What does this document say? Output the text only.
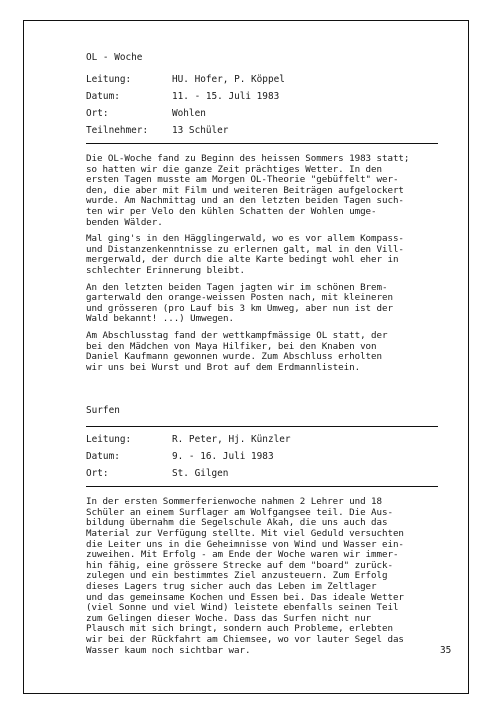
OL - Woche
Leitung:	HU. Hofer, P. Köppel
Datum:	11. - 15. Juli 1983
Ort:	Wohlen
Teilnehmer:	13 Schüler

Die OL-Woche fand zu Beginn des heissen Sommers 1983 statt;
so hatten wir die ganze Zeit prächtiges Wetter. In den
ersten Tagen musste am Morgen OL-Theorie "gebüffelt" wer-
den, die aber mit Film und weiteren Beiträgen aufgelockert
wurde. Am Nachmittag und an den letzten beiden Tagen such-
ten wir per Velo den kühlen Schatten der Wohlen umge-
benden Wälder.

Mal ging's in den Hägglingerwald, wo es vor allem Kompass-
und Distanzenkenntnisse zu erlernen galt, mal in den Vill-
mergerwald, der durch die alte Karte bedingt wohl eher in
schlechter Erinnerung bleibt.

An den letzten beiden Tagen jagten wir im schönen Brem-
garterwald den orange-weissen Posten nach, mit kleineren
und grösseren (pro Lauf bis 3 km Umweg, aber nun ist der
Wald bekannt! ...) Umwegen.

Am Abschlusstag fand der wettkampfmässige OL statt, der
bei den Mädchen von Maya Hilfiker, bei den Knaben von
Daniel Kaufmann gewonnen wurde. Zum Abschluss erholten
wir uns bei Wurst und Brot auf dem Erdmannlistein.

Surfen
Leitung:	R. Peter, Hj. Künzler
Datum:	9. - 16. Juli 1983
Ort:	St. Gilgen

In der ersten Sommerferienwoche nahmen 2 Lehrer und 18
Schüler an einem Surflager am Wolfgangsee teil. Die Aus-
bildung übernahm die Segelschule Akah, die uns auch das
Material zur Verfügung stellte. Mit viel Geduld versuchten
die Leiter uns in die Geheimnisse von Wind und Wasser ein-
zuweihen. Mit Erfolg - am Ende der Woche waren wir immer-
hin fähig, eine grössere Strecke auf dem "board" zurück-
zulegen und ein bestimmtes Ziel anzusteuern. Zum Erfolg
dieses Lagers trug sicher auch das Leben im Zeltlager
und das gemeinsame Kochen und Essen bei. Das ideale Wetter
(viel Sonne und viel Wind) leistete ebenfalls seinen Teil
zum Gelingen dieser Woche. Dass das Surfen nicht nur
Plausch mit sich bringt, sondern auch Probleme, erlebten
wir bei der Rückfahrt am Chiemsee, wo vor lauter Segel das
Wasser kaum noch sichtbar war.	35
